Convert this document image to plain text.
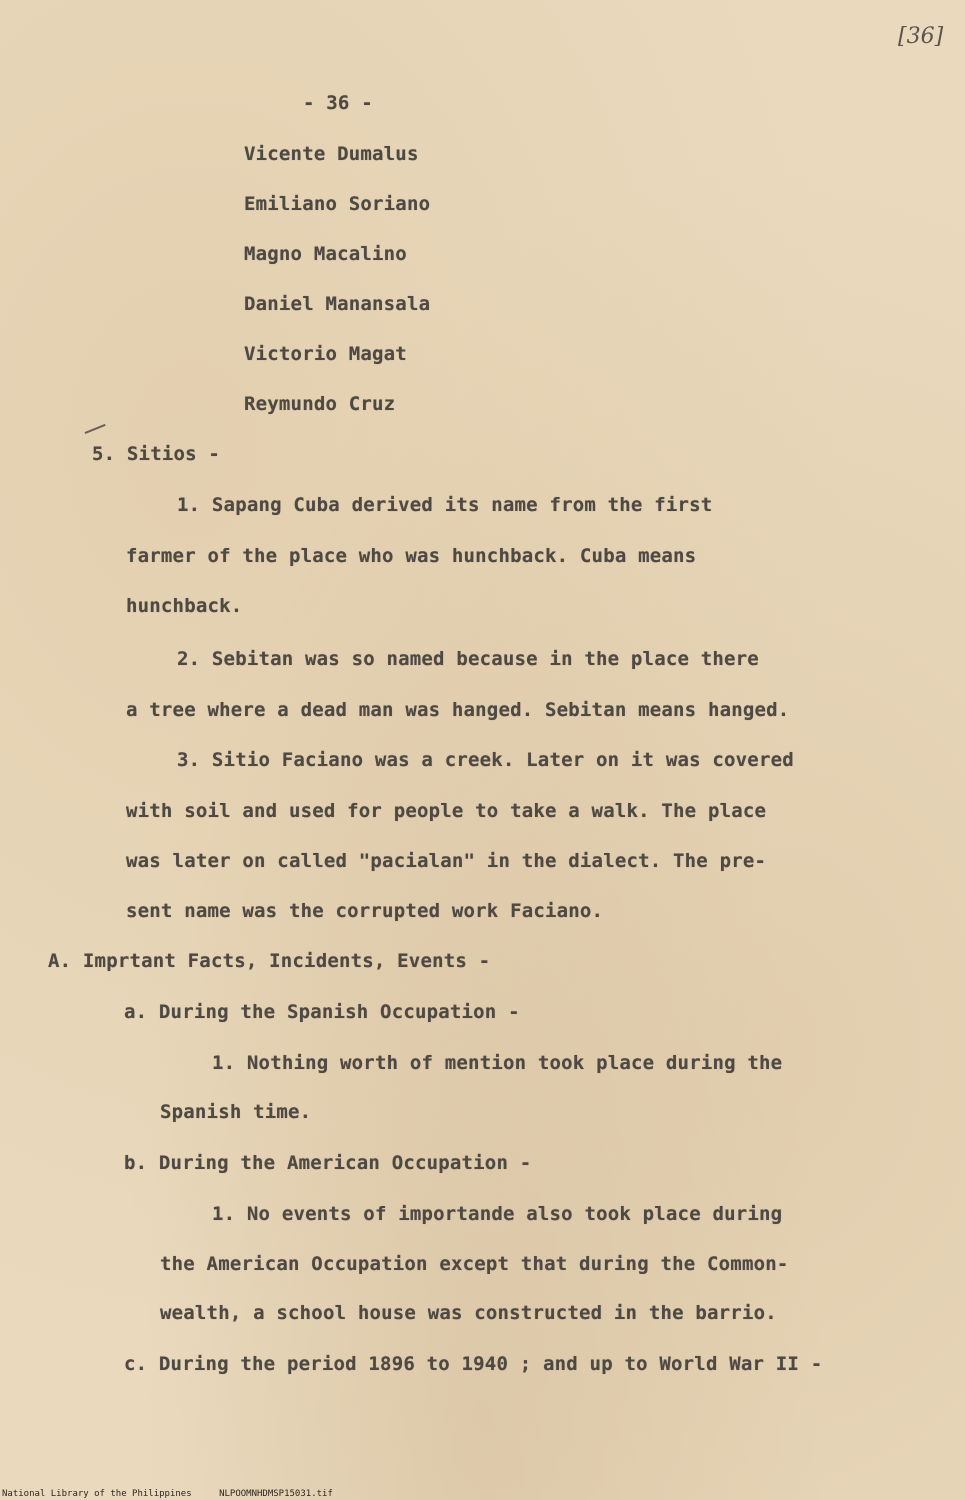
[36]
- 36 -
Vicente Dumalus
Emiliano Soriano
Magno Macalino
Daniel Manansala
Victorio Magat
Reymundo Cruz
5. Sitios -
1. Sapang Cuba derived its name from the first
farmer of the place who was hunchback. Cuba means
hunchback.
2. Sebitan was so named because in the place there
a tree where a dead man was hanged. Sebitan means hanged.
3. Sitio Faciano was a creek. Later on it was covered
with soil and used for people to take a walk. The place
was later on called "pacialan" in the dialect. The pre-
sent name was the corrupted work Faciano.
A. Imprtant Facts, Incidents, Events -
a. During the Spanish Occupation -
1. Nothing worth of mention took place during the
Spanish time.
b. During the American Occupation -
1. No events of importande also took place during
the American Occupation except that during the Common-
wealth, a school house was constructed in the barrio.
c. During the period 1896 to 1940 ; and up to World War II -
National Library of the Philippines	NLPOOMNHDMSP15031.tif
